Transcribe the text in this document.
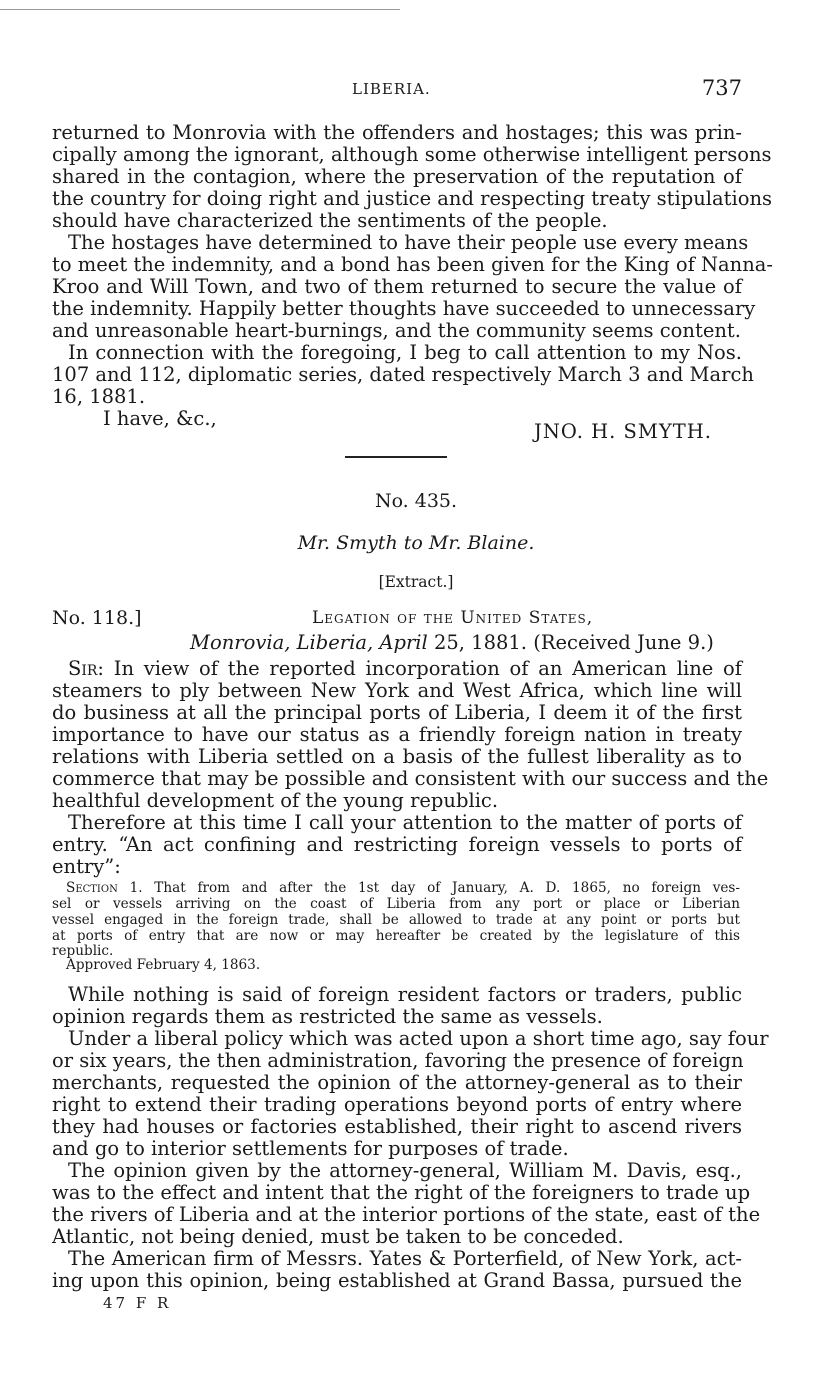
LIBERIA.	737
returned to Monrovia with the offenders and hostages; this was prin-
cipally among the ignorant, although some otherwise intelligent persons
shared in the contagion, where the preservation of the reputation of
the country for doing right and justice and respecting treaty stipulations
should have characterized the sentiments of the people.
The hostages have determined to have their people use every means
to meet the indemnity, and a bond has been given for the King of Nanna-
Kroo and Will Town, and two of them returned to secure the value of
the indemnity. Happily better thoughts have succeeded to unnecessary
and unreasonable heart-burnings, and the community seems content.
In connection with the foregoing, I beg to call attention to my Nos.
107 and 112, diplomatic series, dated respectively March 3 and March
16, 1881.
I have, &c.,
JNO. H. SMYTH.
No. 435.
Mr. Smyth to Mr. Blaine.
[Extract.]
No. 118.]	Legation of the United States,
Monrovia, Liberia, April 25, 1881. (Received June 9.)
Sir: In view of the reported incorporation of an American line of
steamers to ply between New York and West Africa, which line will
do business at all the principal ports of Liberia, I deem it of the first
importance to have our status as a friendly foreign nation in treaty
relations with Liberia settled on a basis of the fullest liberality as to
commerce that may be possible and consistent with our success and the
healthful development of the young republic.
Therefore at this time I call your attention to the matter of ports of
entry. “An act confining and restricting foreign vessels to ports of
entry”:
Section 1. That from and after the 1st day of January, A. D. 1865, no foreign ves-
sel or vessels arriving on the coast of Liberia from any port or place or Liberian
vessel engaged in the foreign trade, shall be allowed to trade at any point or ports but
at ports of entry that are now or may hereafter be created by the legislature of this
republic.
Approved February 4, 1863.
While nothing is said of foreign resident factors or traders, public
opinion regards them as restricted the same as vessels.
Under a liberal policy which was acted upon a short time ago, say four
or six years, the then administration, favoring the presence of foreign
merchants, requested the opinion of the attorney-general as to their
right to extend their trading operations beyond ports of entry where
they had houses or factories established, their right to ascend rivers
and go to interior settlements for purposes of trade.
The opinion given by the attorney-general, William M. Davis, esq.,
was to the effect and intent that the right of the foreigners to trade up
the rivers of Liberia and at the interior portions of the state, east of the
Atlantic, not being denied, must be taken to be conceded.
The American firm of Messrs. Yates & Porterfield, of New York, act-
ing upon this opinion, being established at Grand Bassa, pursued the
47 F R
